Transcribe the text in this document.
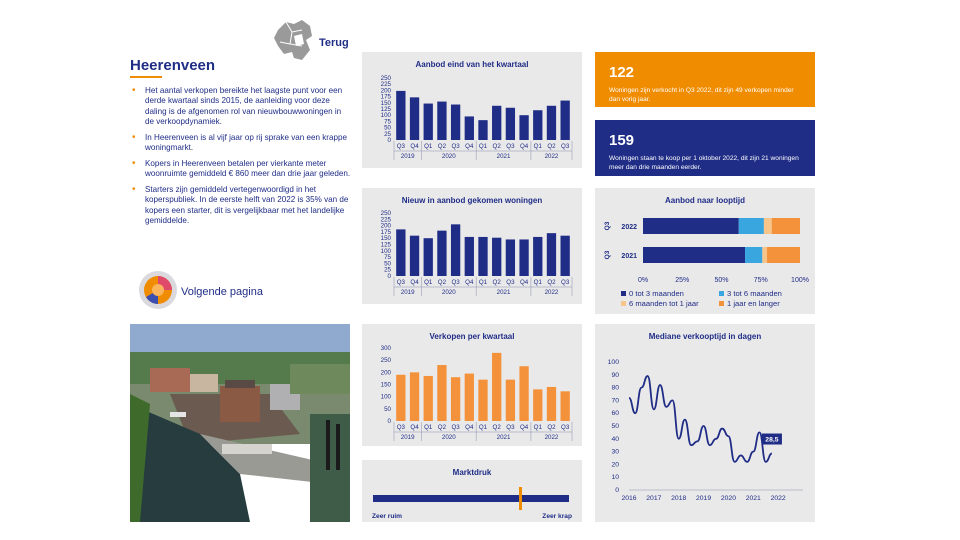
Terug
Heerenveen
• Het aantal verkopen bereikte het laagste punt voor een derde kwartaal sinds 2015, de aanleiding voor deze daling is de afgenomen rol van nieuwbouwwoningen in de verkoopdynamiek.
• In Heerenveen is al vijf jaar op rij sprake van een krappe woningmarkt.
• Kopers in Heerenveen betalen per vierkante meter woonruimte gemiddeld € 860 meer dan drie jaar geleden.
• Starters zijn gemiddeld vertegenwoordigd in het koperspubliek. In de eerste helft van 2022 is 35% van de kopers een starter, dit is vergelijkbaar met het landelijke gemiddelde.
Volgende pagina
Aanbod eind van het kwartaal
0
25
50
75
100
125
150
175
200
225
250
Q3 Q4 Q1 Q2 Q3 Q4 Q1 Q2 Q3 Q4 Q1 Q2 Q3
2019	2020	2021	2022
Nieuw in aanbod gekomen woningen
0
25
50
75
100
125
150
175
200
225
250
Q3 Q4 Q1 Q2 Q3 Q4 Q1 Q2 Q3 Q4 Q1 Q2 Q3
2019	2020	2021	2022
Verkopen per kwartaal
0
50
100
150
200
250
300
Q3 Q4 Q1 Q2 Q3 Q4 Q1 Q2 Q3 Q4 Q1 Q2 Q3
2019	2020	2021	2022
Marktdruk
Zeer ruim	Zeer krap
122
Woningen zijn verkocht in Q3 2022, dit zijn 49 verkopen minder dan vorig jaar.
159
Woningen staan te koop per 1 oktober 2022, dit zijn 21 woningen meer dan drie maanden eerder.
Aanbod naar looptijd
2022
Q3
2021
Q3
0%	25%	50%	75%	100%
0 tot 3 maanden	3 tot 6 maanden
6 maanden tot 1 jaar	1 jaar en langer
Mediane verkooptijd in dagen
0
10
20
30
40
50
60
70
80
90
100
2016 2017 2018 2019 2020 2021 2022
28,5
